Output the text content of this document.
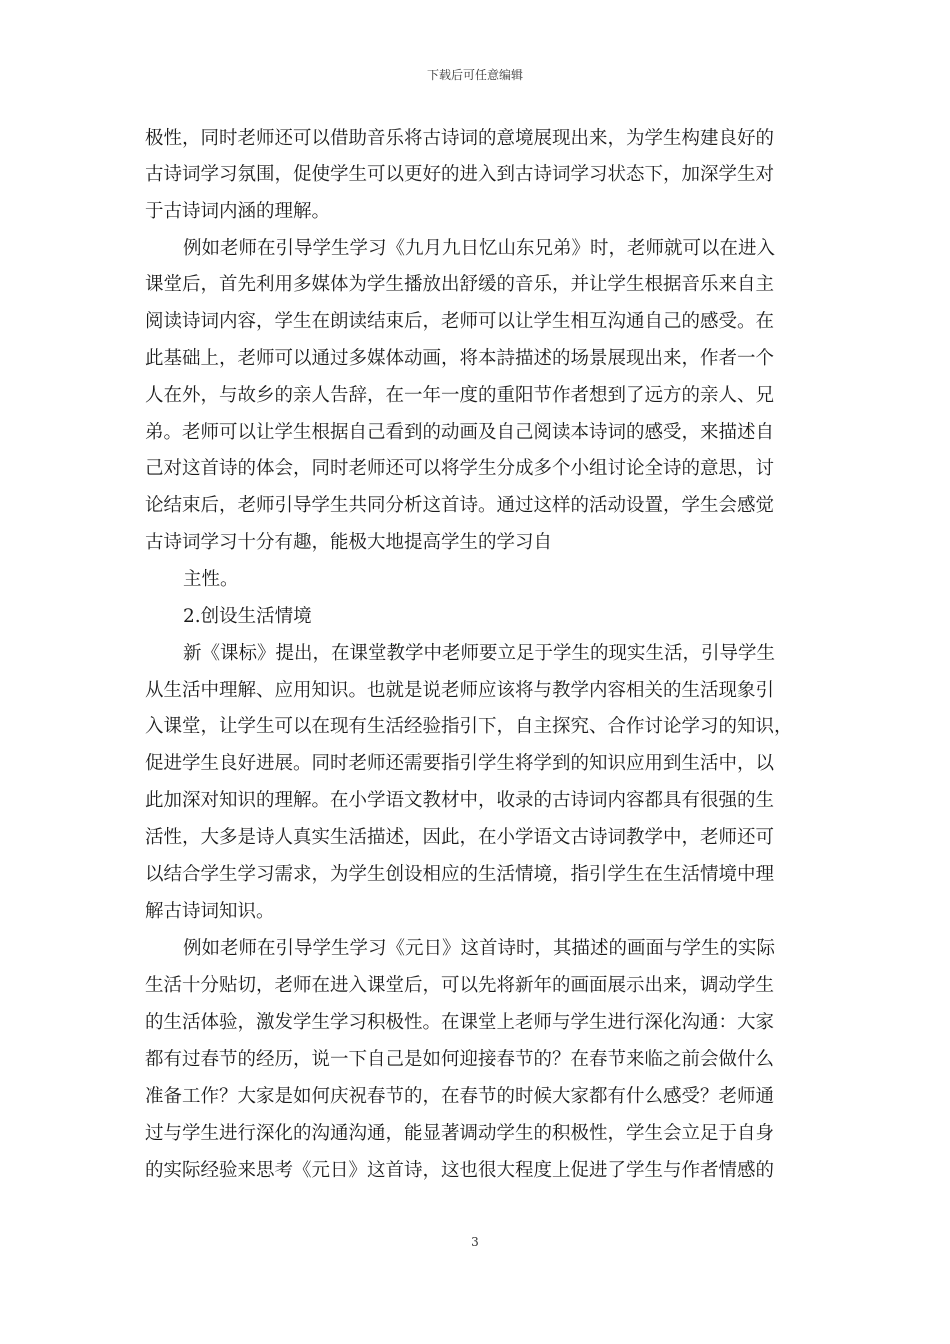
下载后可任意编辑
极性，同时老师还可以借助音乐将古诗词的意境展现出来，为学生构建良好的
古诗词学习氛围，促使学生可以更好的进入到古诗词学习状态下，加深学生对
于古诗词内涵的理解。
例如老师在引导学生学习《九月九日忆山东兄弟》时，老师就可以在进入
课堂后，首先利用多媒体为学生播放出舒缓的音乐，并让学生根据音乐来自主
阅读诗词内容，学生在朗读结束后，老师可以让学生相互沟通自己的感受。在
此基础上，老师可以通过多媒体动画，将本詩描述的场景展现出来，作者一个
人在外，与故乡的亲人告辞，在一年一度的重阳节作者想到了远方的亲人、兄
弟。老师可以让学生根据自己看到的动画及自己阅读本诗词的感受，来描述自
己对这首诗的体会，同时老师还可以将学生分成多个小组讨论全诗的意思，讨
论结束后，老师引导学生共同分析这首诗。通过这样的活动设置，学生会感觉
古诗词学习十分有趣，能极大地提高学生的学习自
主性。
2.创设生活情境
新《课标》提出，在课堂教学中老师要立足于学生的现实生活，引导学生
从生活中理解、应用知识。也就是说老师应该将与教学内容相关的生活现象引
入课堂，让学生可以在现有生活经验指引下，自主探究、合作讨论学习的知识，
促进学生良好进展。同时老师还需要指引学生将学到的知识应用到生活中，以
此加深对知识的理解。在小学语文教材中，收录的古诗词内容都具有很强的生
活性，大多是诗人真实生活描述，因此，在小学语文古诗词教学中，老师还可
以结合学生学习需求，为学生创设相应的生活情境，指引学生在生活情境中理
解古诗词知识。
例如老师在引导学生学习《元日》这首诗时，其描述的画面与学生的实际
生活十分贴切，老师在进入课堂后，可以先将新年的画面展示出来，调动学生
的生活体验，激发学生学习积极性。在课堂上老师与学生进行深化沟通：大家
都有过春节的经历，说一下自己是如何迎接春节的？在春节来临之前会做什么
准备工作？大家是如何庆祝春节的，在春节的时候大家都有什么感受？老师通
过与学生进行深化的沟通沟通，能显著调动学生的积极性，学生会立足于自身
的实际经验来思考《元日》这首诗，这也很大程度上促进了学生与作者情感的
3
